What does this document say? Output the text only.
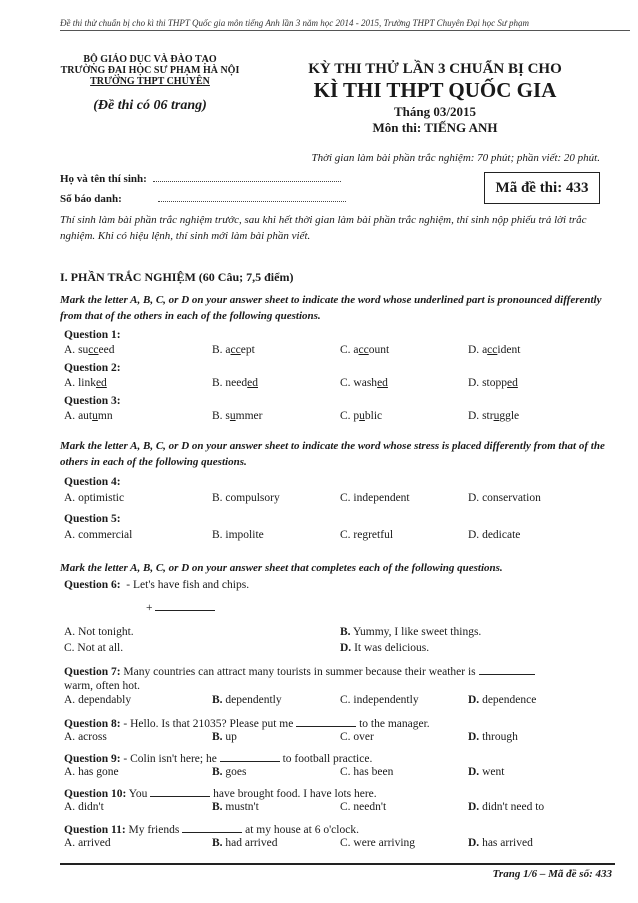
Đề thi thử chuẩn bị cho kì thi THPT Quốc gia môn tiếng Anh lần 3 năm học 2014 - 2015, Trường THPT Chuyên Đại học Sư phạm
BỘ GIÁO DỤC VÀ ĐÀO TẠO
TRƯỜNG ĐẠI HỌC SƯ PHẠM HÀ NỘI
TRƯỜNG THPT CHUYÊN
(Đề thi có 06 trang)
KỲ THI THỬ LẦN 3 CHUẨN BỊ CHO
KÌ THI THPT QUỐC GIA
Tháng 03/2015
Môn thi: TIẾNG ANH
Thời gian làm bài phần trắc nghiệm: 70 phút; phần viết: 20 phút.
Họ và tên thí sinh:
Số báo danh:
Mã đề thi: 433
Thí sinh làm bài phần trắc nghiệm trước, sau khi hết thời gian làm bài phần trắc nghiệm, thí sinh nộp phiếu trả lời trắc nghiệm. Khi có hiệu lệnh, thí sinh mới làm bài phần viết.
I. PHẦN TRẮC NGHIỆM (60 Câu; 7,5 điểm)
Mark the letter A, B, C, or D on your answer sheet to indicate the word whose underlined part is pronounced differently from that of the others in each of the following questions.
Question 1:
A. succeed	B. accept	C. account	D. accident
Question 2:
A. linked	B. needed	C. washed	D. stopped
Question 3:
A. autumn	B. summer	C. public	D. struggle
Mark the letter A, B, C, or D on your answer sheet to indicate the word whose stress is placed differently from that of the others in each of the following questions.
Question 4:
A. optimistic	B. compulsory	C. independent	D. conservation
Question 5:
A. commercial	B. impolite	C. regretful	D. dedicate
Mark the letter A, B, C, or D on your answer sheet that completes each of the following questions.
Question 6: - Let's have fish and chips.
+
A. Not tonight.	B. Yummy, I like sweet things.
C. Not at all.	D. It was delicious.
Question 7: Many countries can attract many tourists in summer because their weather is
warm, often hot.
A. dependably	B. dependently	C. independently	D. dependence
Question 8: - Hello. Is that 21035? Please put me	to the manager.
A. across	B. up	C. over	D. through
Question 9: - Colin isn't here; he	to football practice.
A. has gone	B. goes	C. has been	D. went
Question 10: You	have brought food. I have lots here.
A. didn't	B. mustn't	C. needn't	D. didn't need to
Question 11: My friends	at my house at 6 o'clock.
A. arrived	B. had arrived	C. were arriving	D. has arrived
Trang 1/6 – Mã đề số: 433
